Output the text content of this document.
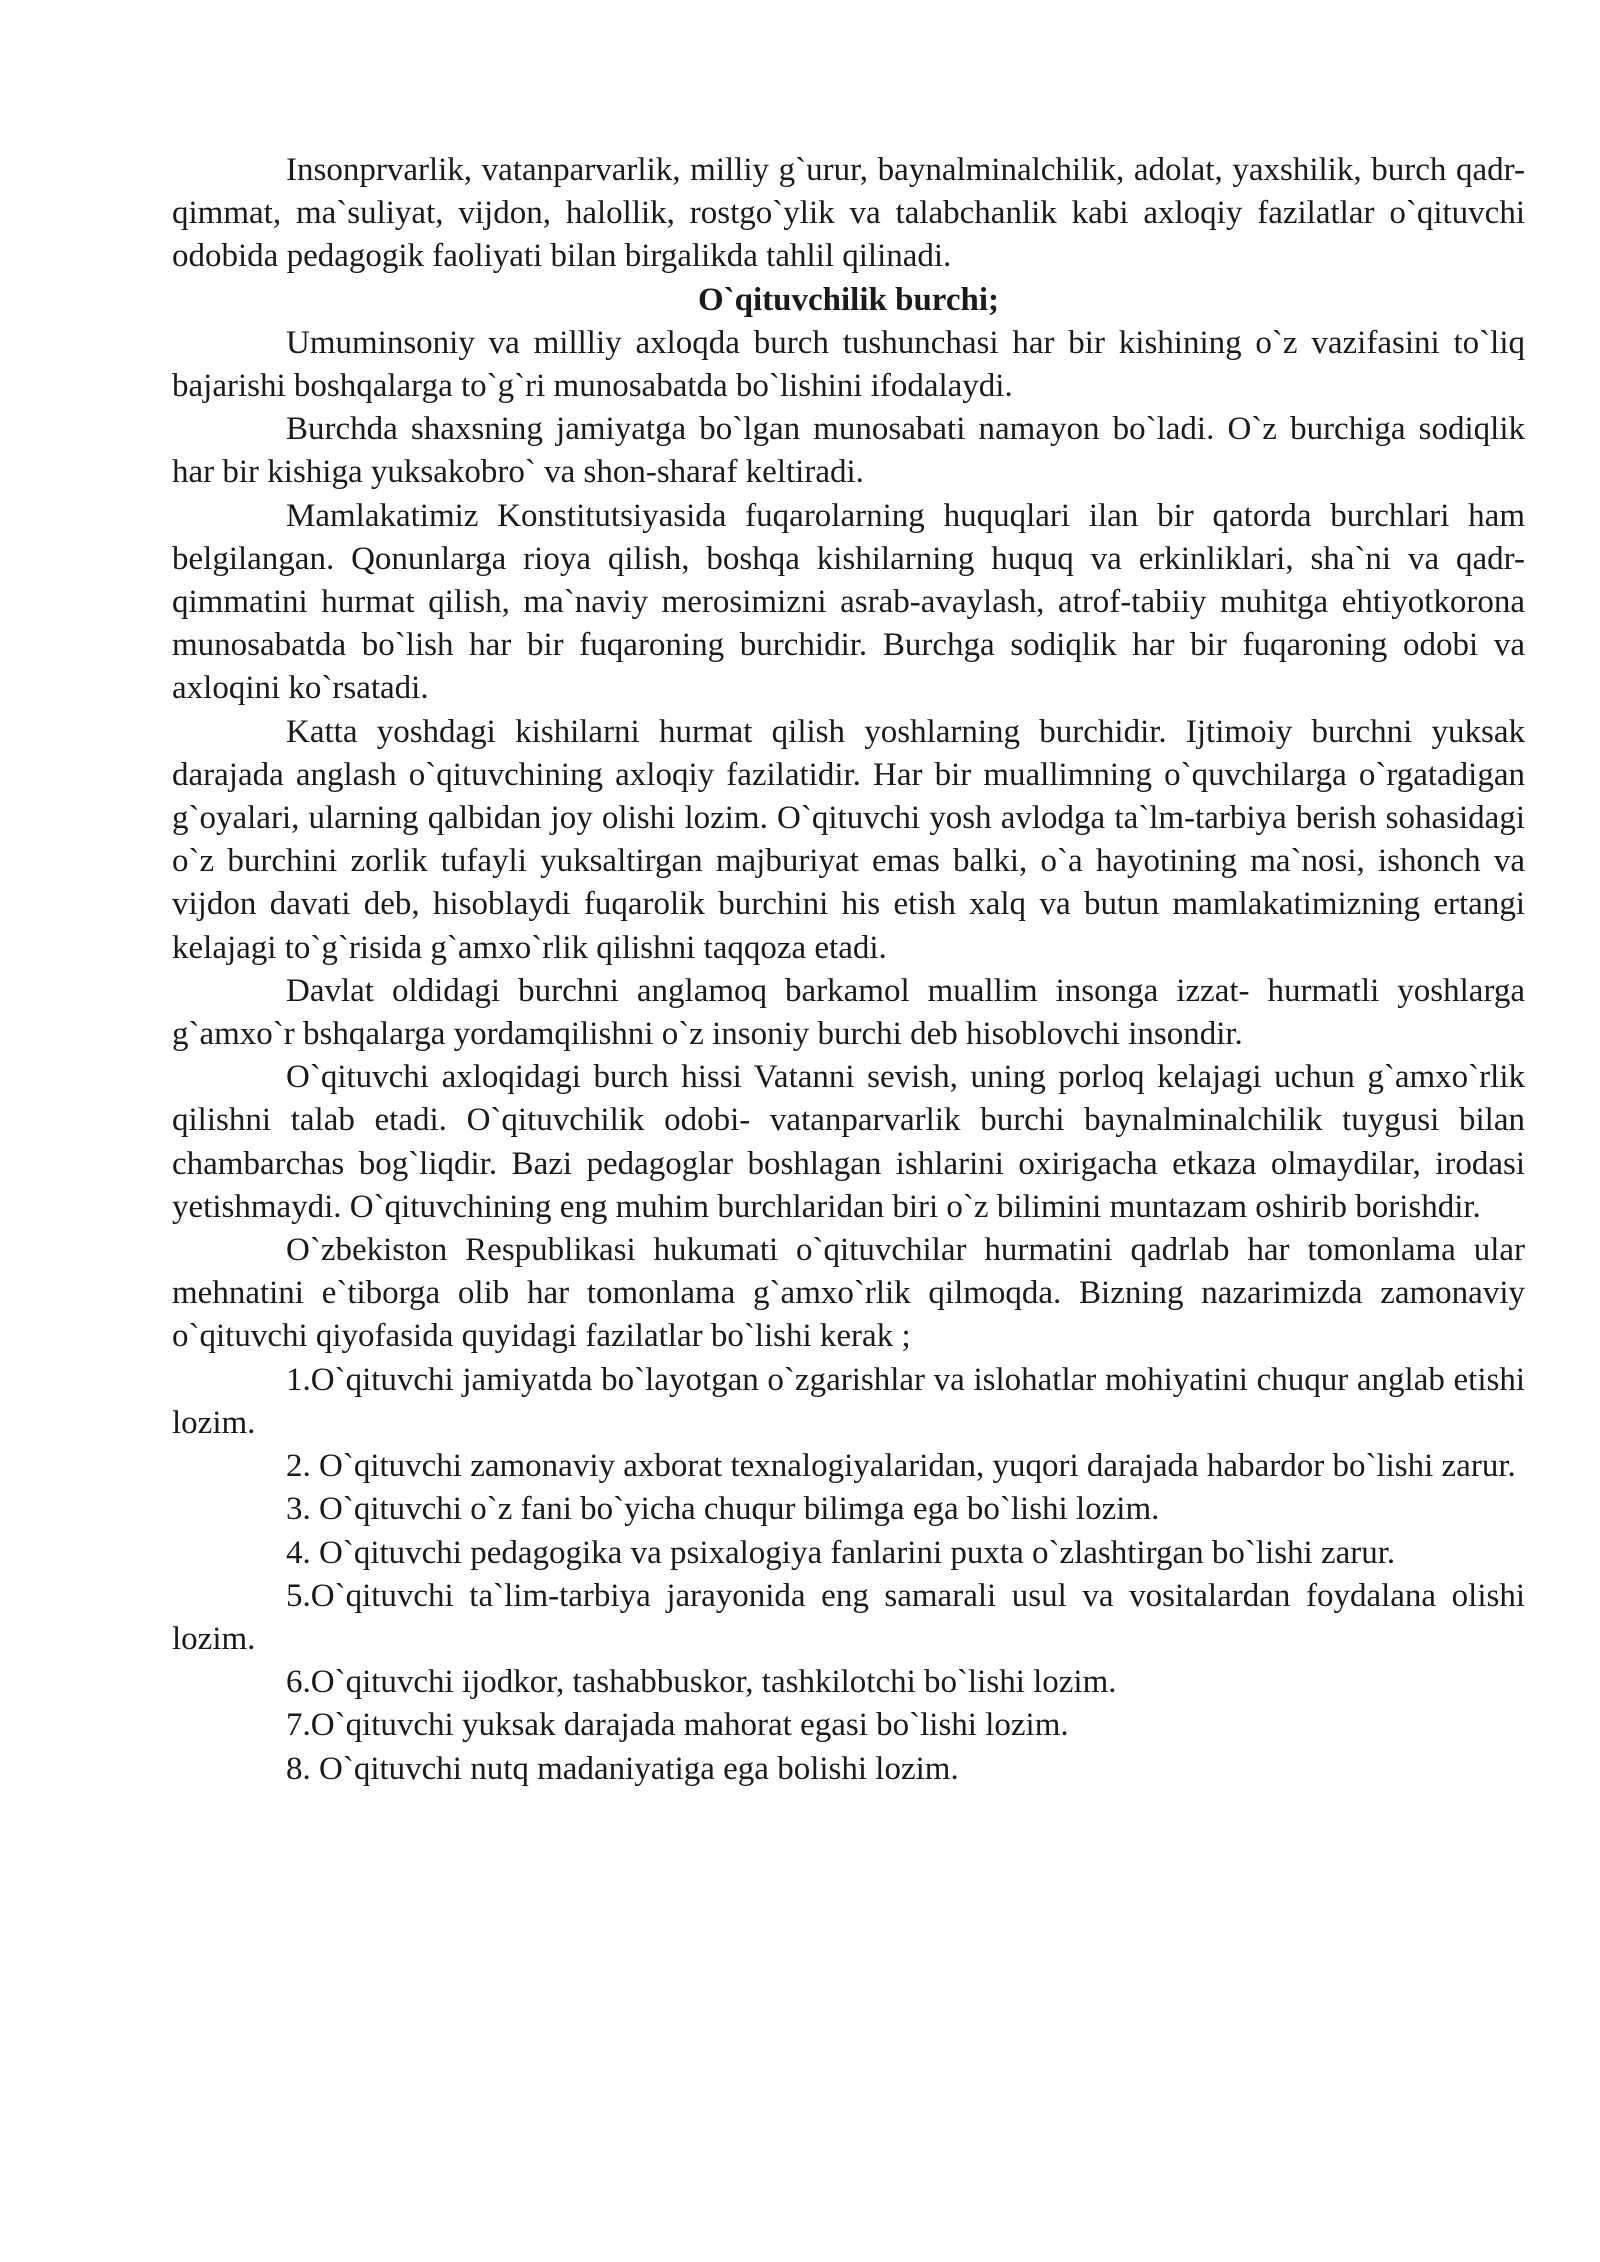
Insonprvarlik, vatanparvarlik, milliy g`urur, baynalminalchilik, adolat, yaxshilik, burch qadr-qimmat, ma`suliyat, vijdon, halollik, rostgo`ylik va talabchanlik kabi axloqiy fazilatlar o`qituvchi odobida pedagogik faoliyati bilan birgalikda tahlil qilinadi.

O`qituvchilik burchi;

Umuminsoniy va millliy axloqda burch tushunchasi har bir kishining o`z vazifasini to`liq bajarishi boshqalarga to`g`ri munosabatda bo`lishini ifodalaydi.

Burchda shaxsning jamiyatga bo`lgan munosabati namayon bo`ladi. O`z burchiga sodiqlik har bir kishiga yuksakobro` va shon-sharaf keltiradi.

Mamlakatimiz Konstitutsiyasida fuqarolarning huquqlari ilan bir qatorda burchlari ham belgilangan. Qonunlarga rioya qilish, boshqa kishilarning huquq va erkinliklari, sha`ni va qadr-qimmatini hurmat qilish, ma`naviy merosimizni asrab-avaylash, atrof-tabiiy muhitga ehtiyotkorona munosabatda bo`lish har bir fuqaroning burchidir. Burchga sodiqlik har bir fuqaroning odobi va axloqini ko`rsatadi.

Katta yoshdagi kishilarni hurmat qilish yoshlarning burchidir. Ijtimoiy burchni yuksak darajada anglash o`qituvchining axloqiy fazilatidir. Har bir muallimning o`quvchilarga o`rgatadigan g`oyalari, ularning qalbidan joy olishi lozim. O`qituvchi yosh avlodga ta`lm-tarbiya berish sohasidagi o`z burchini zorlik tufayli yuksaltirgan majburiyat emas balki, o`a hayotining ma`nosi, ishonch va vijdon davati deb, hisoblaydi fuqarolik burchini his etish xalq va butun mamlakatimizning ertangi kelajagi to`g`risida g`amxo`rlik qilishni taqqoza etadi.

Davlat oldidagi burchni anglamoq barkamol muallim insonga izzat- hurmatli yoshlarga g`amxo`r bshqalarga yordamqilishni o`z insoniy burchi deb hisoblovchi insondir.

O`qituvchi axloqidagi burch hissi Vatanni sevish, uning porloq kelajagi uchun g`amxo`rlik qilishni talab etadi. O`qituvchilik odobi- vatanparvarlik burchi baynalminalchilik tuygusi bilan chambarchas bog`liqdir. Bazi pedagoglar boshlagan ishlarini oxirigacha etkaza olmaydilar, irodasi yetishmaydi. O`qituvchining eng muhim burchlaridan biri o`z bilimini muntazam oshirib borishdir.

O`zbekiston Respublikasi hukumati o`qituvchilar hurmatini qadrlab har tomonlama ular mehnatini e`tiborga olib har tomonlama g`amxo`rlik qilmoqda. Bizning nazarimizda zamonaviy o`qituvchi qiyofasida quyidagi fazilatlar bo`lishi kerak ;

1.O`qituvchi jamiyatda bo`layotgan o`zgarishlar va islohatlar mohiyatini chuqur anglab etishi lozim.

2. O`qituvchi zamonaviy axborat texnalogiyalaridan, yuqori darajada habardor bo`lishi zarur.

3. O`qituvchi o`z fani bo`yicha chuqur bilimga ega bo`lishi lozim.

4. O`qituvchi pedagogika va psixalogiya fanlarini puxta o`zlashtirgan bo`lishi zarur.

5.O`qituvchi ta`lim-tarbiya jarayonida eng samarali usul va vositalardan foydalana olishi lozim.

6.O`qituvchi ijodkor, tashabbuskor, tashkilotchi bo`lishi lozim.

7.O`qituvchi yuksak darajada mahorat egasi bo`lishi lozim.

8. O`qituvchi nutq madaniyatiga ega bolishi lozim.
